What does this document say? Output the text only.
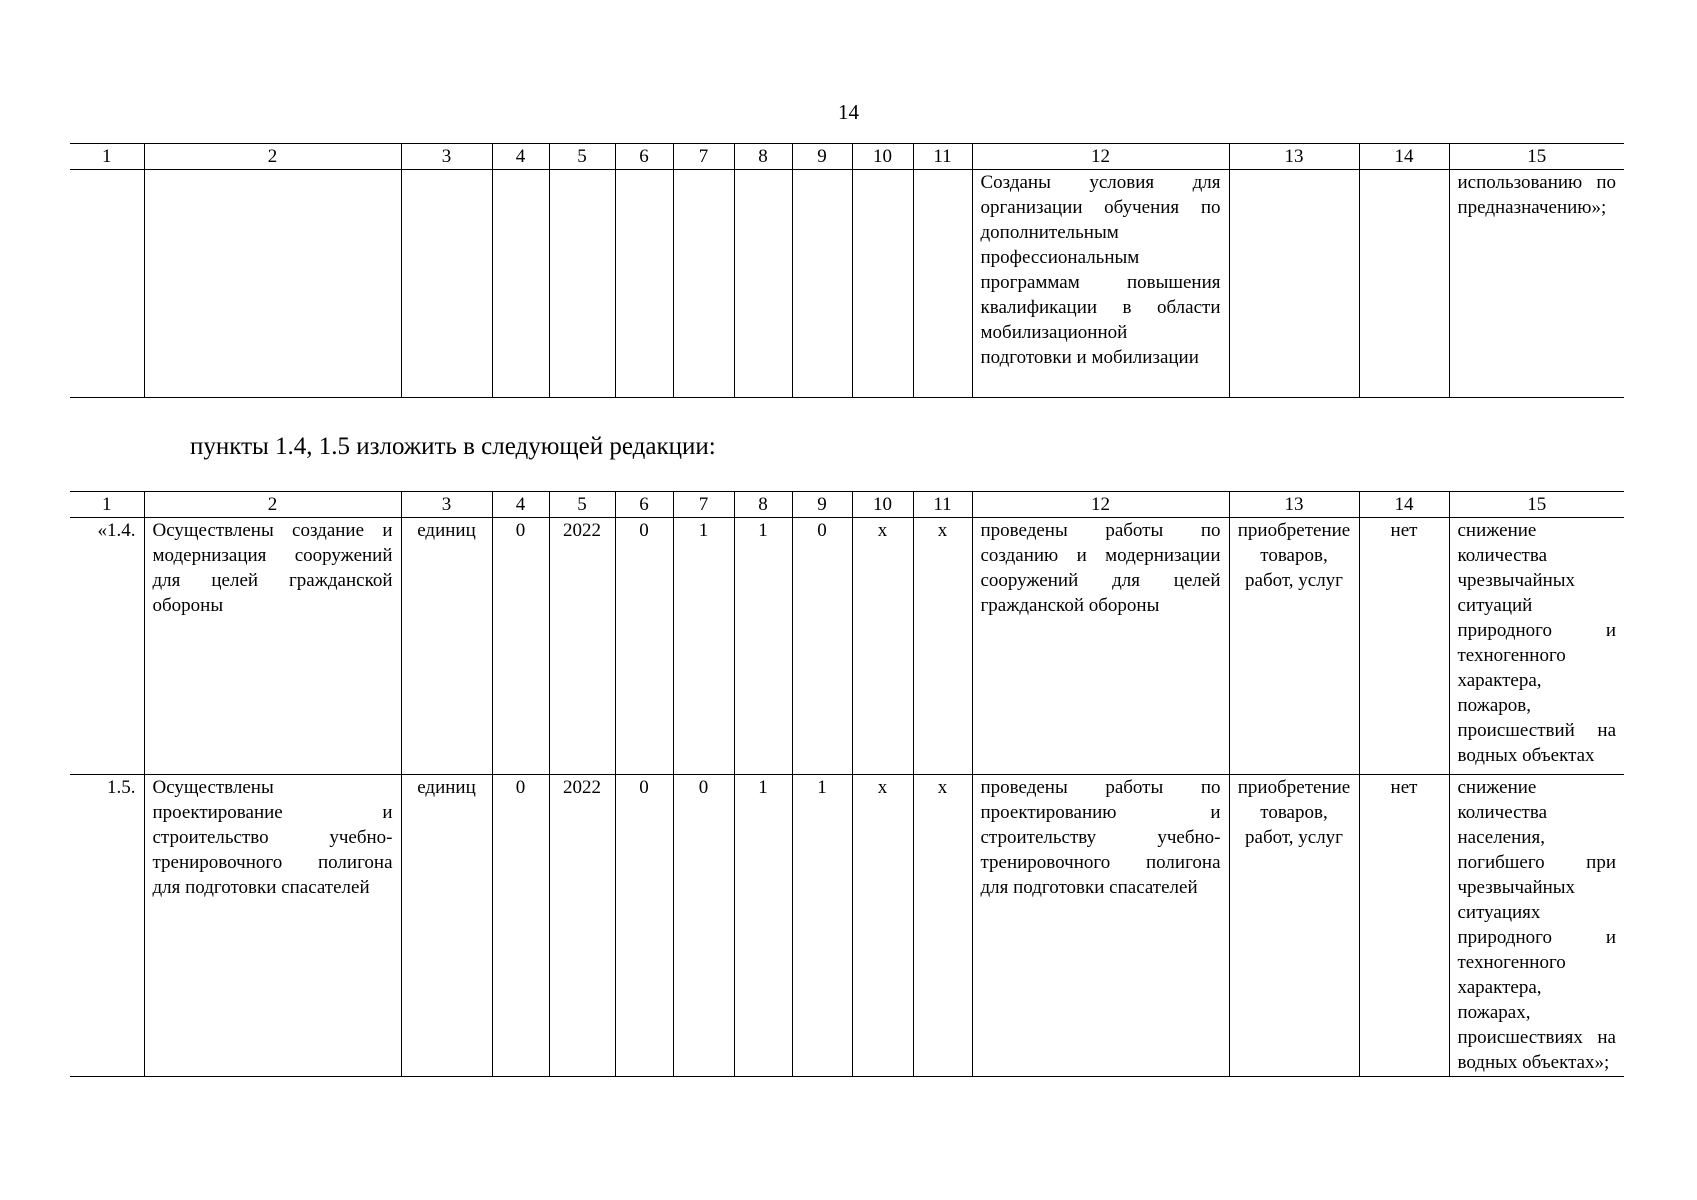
14
1	2	3	4	5	6	7	8	9	10	11	12	13	14	15
											Созданы условия для организации обучения по дополнительным профессиональным программам повышения квалификации в области мобилизационной подготовки и мобилизации			использованию по предназначению»;
пункты 1.4, 1.5 изложить в следующей редакции:
1	2	3	4	5	6	7	8	9	10	11	12	13	14	15
«1.4.	Осуществлены создание и модернизация сооружений для целей гражданской обороны	единиц	0	2022	0	1	1	0	x	x	проведены работы по созданию и модернизации сооружений для целей гражданской обороны	приобретение товаров, работ, услуг	нет	снижение количества чрезвычайных ситуаций природного и техногенного характера, пожаров, происшествий на водных объектах
1.5.	Осуществлены проектирование и строительство учебно-тренировочного полигона для подготовки спасателей	единиц	0	2022	0	0	1	1	x	x	проведены работы по проектированию и строительству учебно-тренировочного полигона для подготовки спасателей	приобретение товаров, работ, услуг	нет	снижение количества населения, погибшего при чрезвычайных ситуациях природного и техногенного характера, пожарах, происшествиях на водных объектах»;
